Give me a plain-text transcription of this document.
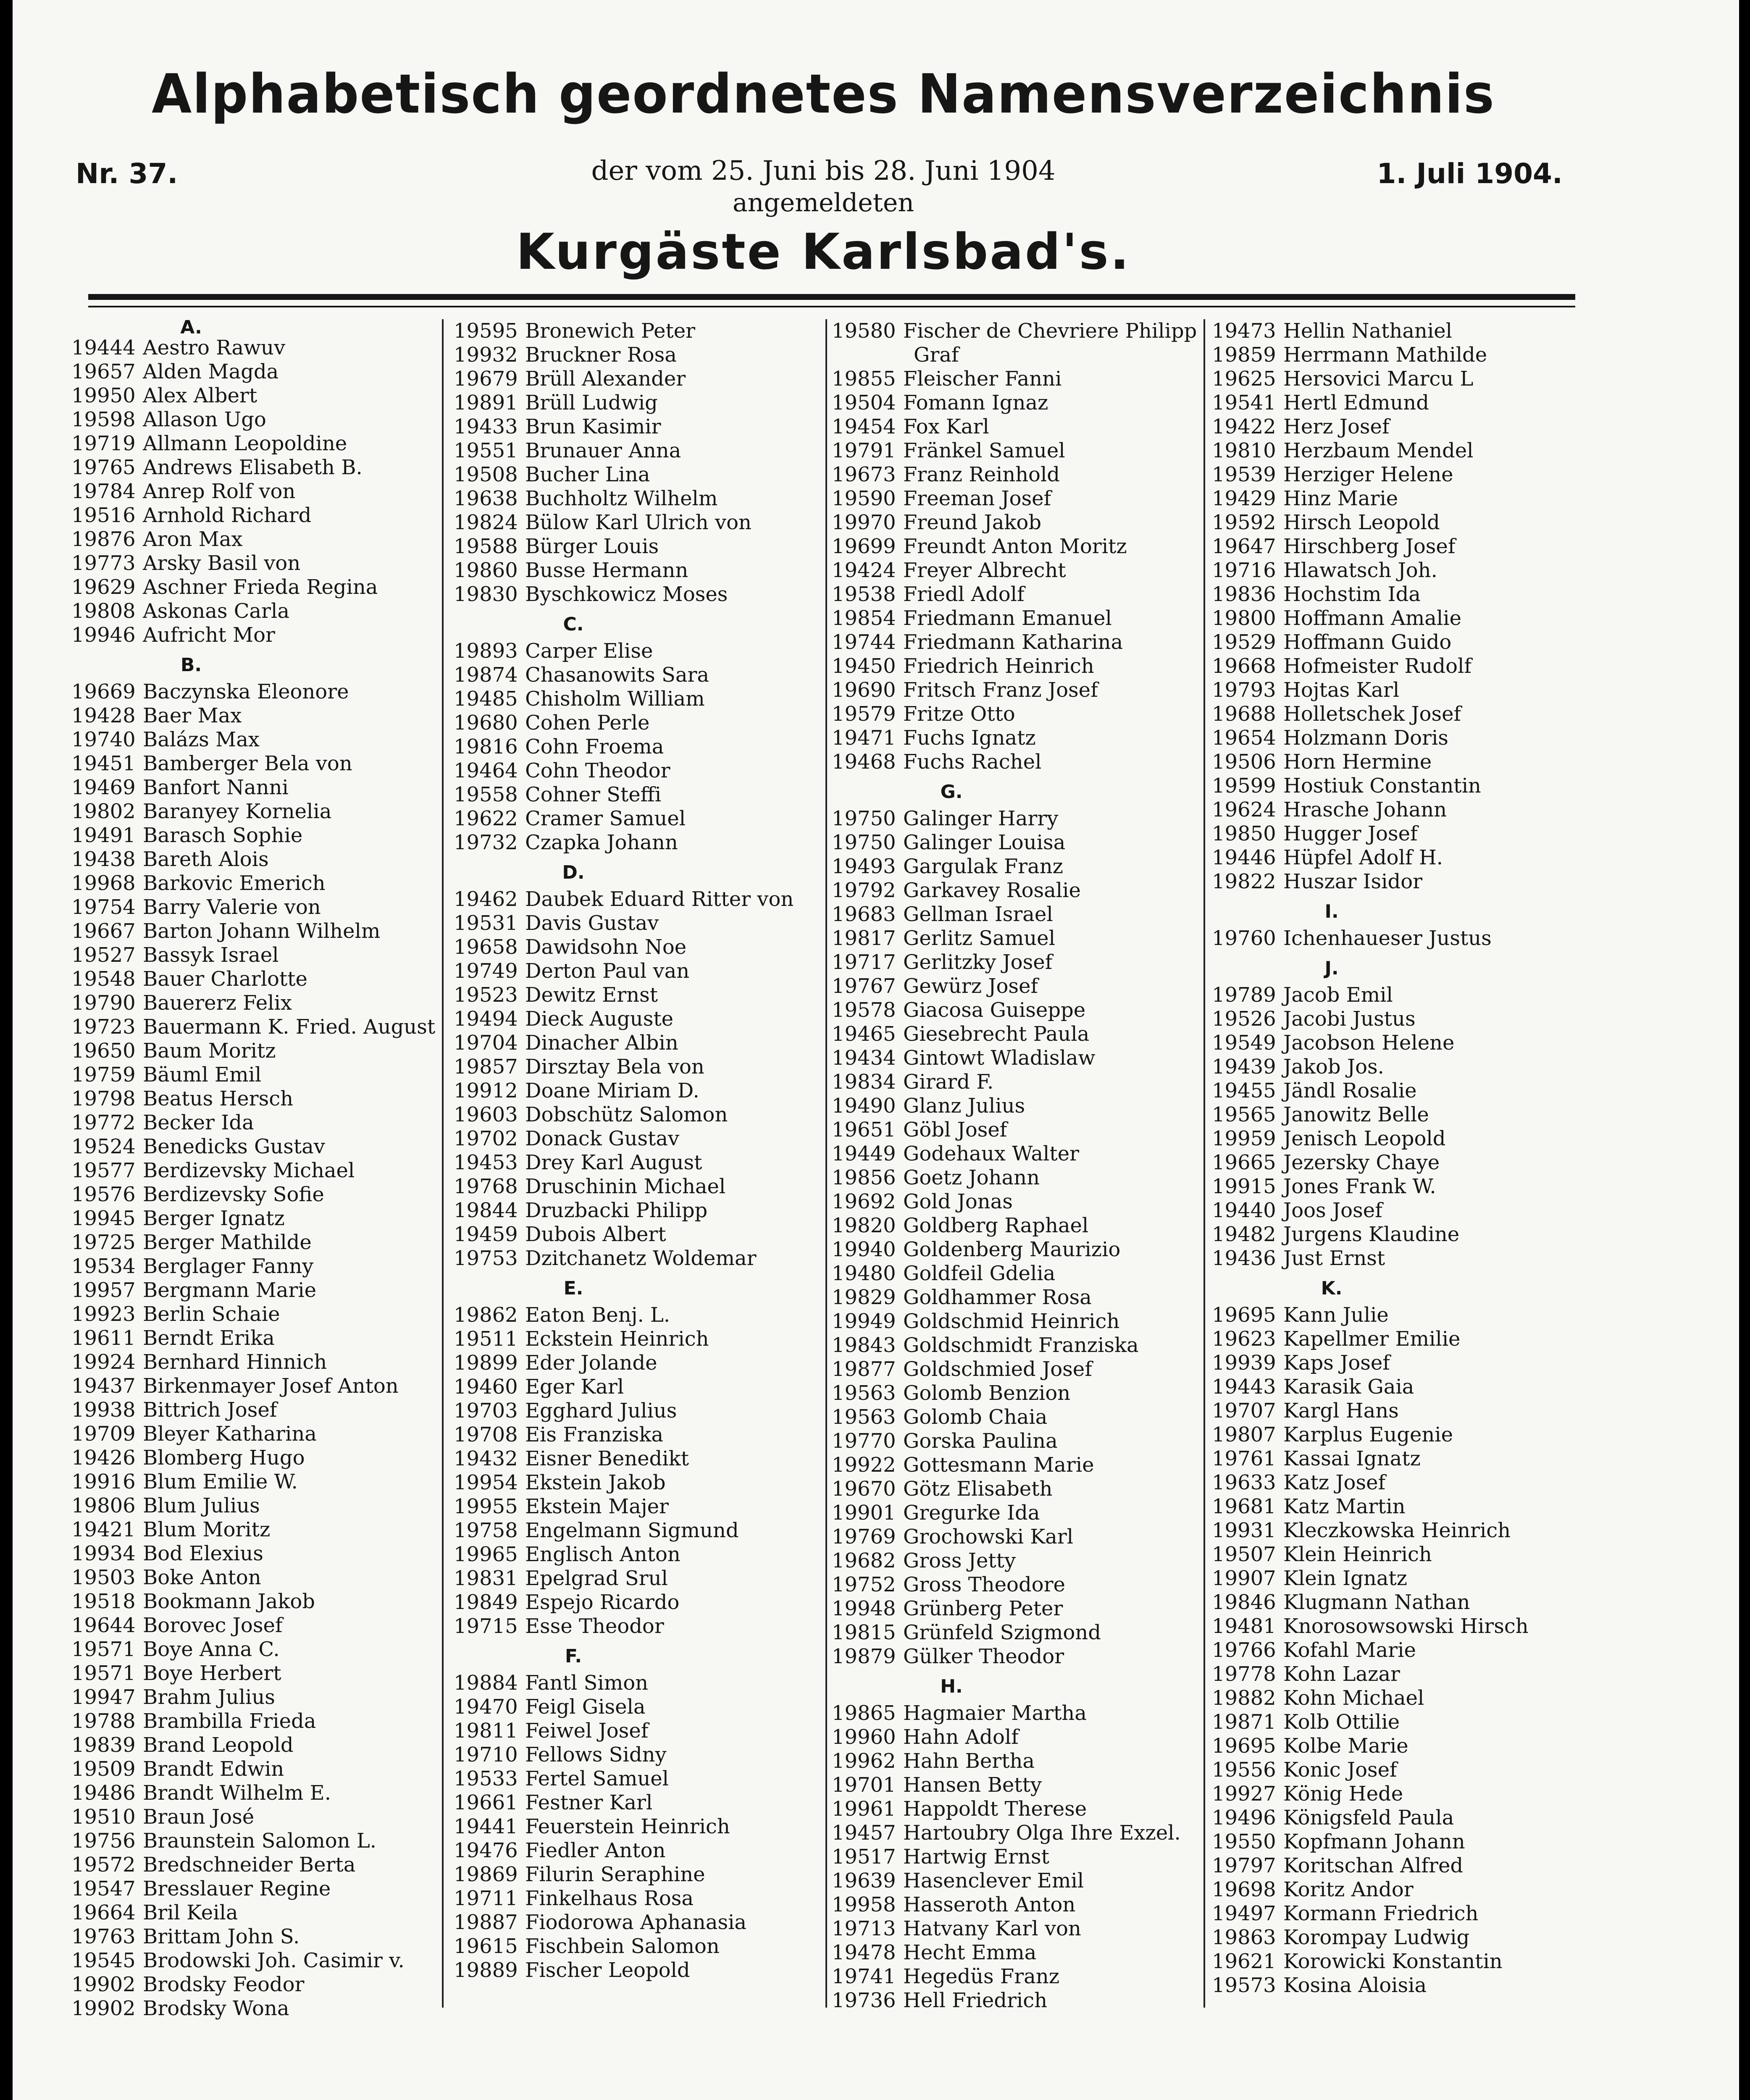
Alphabetisch geordnetes Namensverzeichnis
Nr. 37.	der vom 25. Juni bis 28. Juni 1904	1. Juli 1904.
angemeldeten
Kurgäste Karlsbad's.
A.
19444 Aestro Rawuv
19657 Alden Magda
19950 Alex Albert
19598 Allason Ugo
19719 Allmann Leopoldine
19765 Andrews Elisabeth B.
19784 Anrep Rolf von
19516 Arnhold Richard
19876 Aron Max
19773 Arsky Basil von
19629 Aschner Frieda Regina
19808 Askonas Carla
19946 Aufricht Mor
B.
19669 Baczynska Eleonore
19428 Baer Max
19740 Balázs Max
19451 Bamberger Bela von
19469 Banfort Nanni
19802 Baranyey Kornelia
19491 Barasch Sophie
19438 Bareth Alois
19968 Barkovic Emerich
19754 Barry Valerie von
19667 Barton Johann Wilhelm
19527 Bassyk Israel
19548 Bauer Charlotte
19790 Bauererz Felix
19723 Bauermann K. Fried. August
19650 Baum Moritz
19759 Bäuml Emil
19798 Beatus Hersch
19772 Becker Ida
19524 Benedicks Gustav
19577 Berdizevsky Michael
19576 Berdizevsky Sofie
19945 Berger Ignatz
19725 Berger Mathilde
19534 Berglager Fanny
19957 Bergmann Marie
19923 Berlin Schaie
19611 Berndt Erika
19924 Bernhard Hinnich
19437 Birkenmayer Josef Anton
19938 Bittrich Josef
19709 Bleyer Katharina
19426 Blomberg Hugo
19916 Blum Emilie W.
19806 Blum Julius
19421 Blum Moritz
19934 Bod Elexius
19503 Boke Anton
19518 Bookmann Jakob
19644 Borovec Josef
19571 Boye Anna C.
19571 Boye Herbert
19947 Brahm Julius
19788 Brambilla Frieda
19839 Brand Leopold
19509 Brandt Edwin
19486 Brandt Wilhelm E.
19510 Braun José
19756 Braunstein Salomon L.
19572 Bredschneider Berta
19547 Bresslauer Regine
19664 Bril Keila
19763 Brittam John S.
19545 Brodowski Joh. Casimir v.
19902 Brodsky Feodor
19902 Brodsky Wona
19595 Bronewich Peter
19932 Bruckner Rosa
19679 Brüll Alexander
19891 Brüll Ludwig
19433 Brun Kasimir
19551 Brunauer Anna
19508 Bucher Lina
19638 Buchholtz Wilhelm
19824 Bülow Karl Ulrich von
19588 Bürger Louis
19860 Busse Hermann
19830 Byschkowicz Moses
C.
19893 Carper Elise
19874 Chasanowits Sara
19485 Chisholm William
19680 Cohen Perle
19816 Cohn Froema
19464 Cohn Theodor
19558 Cohner Steffi
19622 Cramer Samuel
19732 Czapka Johann
D.
19462 Daubek Eduard Ritter von
19531 Davis Gustav
19658 Dawidsohn Noe
19749 Derton Paul van
19523 Dewitz Ernst
19494 Dieck Auguste
19704 Dinacher Albin
19857 Dirsztay Bela von
19912 Doane Miriam D.
19603 Dobschütz Salomon
19702 Donack Gustav
19453 Drey Karl August
19768 Druschinin Michael
19844 Druzbacki Philipp
19459 Dubois Albert
19753 Dzitchanetz Woldemar
E.
19862 Eaton Benj. L.
19511 Eckstein Heinrich
19899 Eder Jolande
19460 Eger Karl
19703 Egghard Julius
19708 Eis Franziska
19432 Eisner Benedikt
19954 Ekstein Jakob
19955 Ekstein Majer
19758 Engelmann Sigmund
19965 Englisch Anton
19831 Epelgrad Srul
19849 Espejo Ricardo
19715 Esse Theodor
F.
19884 Fantl Simon
19470 Feigl Gisela
19811 Feiwel Josef
19710 Fellows Sidny
19533 Fertel Samuel
19661 Festner Karl
19441 Feuerstein Heinrich
19476 Fiedler Anton
19869 Filurin Seraphine
19711 Finkelhaus Rosa
19887 Fiodorowa Aphanasia
19615 Fischbein Salomon
19889 Fischer Leopold
19580 Fischer de Chevriere Philipp
Graf
19855 Fleischer Fanni
19504 Fomann Ignaz
19454 Fox Karl
19791 Fränkel Samuel
19673 Franz Reinhold
19590 Freeman Josef
19970 Freund Jakob
19699 Freundt Anton Moritz
19424 Freyer Albrecht
19538 Friedl Adolf
19854 Friedmann Emanuel
19744 Friedmann Katharina
19450 Friedrich Heinrich
19690 Fritsch Franz Josef
19579 Fritze Otto
19471 Fuchs Ignatz
19468 Fuchs Rachel
G.
19750 Galinger Harry
19750 Galinger Louisa
19493 Gargulak Franz
19792 Garkavey Rosalie
19683 Gellman Israel
19817 Gerlitz Samuel
19717 Gerlitzky Josef
19767 Gewürz Josef
19578 Giacosa Guiseppe
19465 Giesebrecht Paula
19434 Gintowt Wladislaw
19834 Girard F.
19490 Glanz Julius
19651 Göbl Josef
19449 Godehaux Walter
19856 Goetz Johann
19692 Gold Jonas
19820 Goldberg Raphael
19940 Goldenberg Maurizio
19480 Goldfeil Gdelia
19829 Goldhammer Rosa
19949 Goldschmid Heinrich
19843 Goldschmidt Franziska
19877 Goldschmied Josef
19563 Golomb Benzion
19563 Golomb Chaia
19770 Gorska Paulina
19922 Gottesmann Marie
19670 Götz Elisabeth
19901 Gregurke Ida
19769 Grochowski Karl
19682 Gross Jetty
19752 Gross Theodore
19948 Grünberg Peter
19815 Grünfeld Szigmond
19879 Gülker Theodor
H.
19865 Hagmaier Martha
19960 Hahn Adolf
19962 Hahn Bertha
19701 Hansen Betty
19961 Happoldt Therese
19457 Hartoubry Olga Ihre Exzel.
19517 Hartwig Ernst
19639 Hasenclever Emil
19958 Hasseroth Anton
19713 Hatvany Karl von
19478 Hecht Emma
19741 Hegedüs Franz
19736 Hell Friedrich
19473 Hellin Nathaniel
19859 Herrmann Mathilde
19625 Hersovici Marcu L
19541 Hertl Edmund
19422 Herz Josef
19810 Herzbaum Mendel
19539 Herziger Helene
19429 Hinz Marie
19592 Hirsch Leopold
19647 Hirschberg Josef
19716 Hlawatsch Joh.
19836 Hochstim Ida
19800 Hoffmann Amalie
19529 Hoffmann Guido
19668 Hofmeister Rudolf
19793 Hojtas Karl
19688 Holletschek Josef
19654 Holzmann Doris
19506 Horn Hermine
19599 Hostiuk Constantin
19624 Hrasche Johann
19850 Hugger Josef
19446 Hüpfel Adolf H.
19822 Huszar Isidor
I.
19760 Ichenhaueser Justus
J.
19789 Jacob Emil
19526 Jacobi Justus
19549 Jacobson Helene
19439 Jakob Jos.
19455 Jändl Rosalie
19565 Janowitz Belle
19959 Jenisch Leopold
19665 Jezersky Chaye
19915 Jones Frank W.
19440 Joos Josef
19482 Jurgens Klaudine
19436 Just Ernst
K.
19695 Kann Julie
19623 Kapellmer Emilie
19939 Kaps Josef
19443 Karasik Gaia
19707 Kargl Hans
19807 Karplus Eugenie
19761 Kassai Ignatz
19633 Katz Josef
19681 Katz Martin
19931 Kleczkowska Heinrich
19507 Klein Heinrich
19907 Klein Ignatz
19846 Klugmann Nathan
19481 Knorosowsowski Hirsch
19766 Kofahl Marie
19778 Kohn Lazar
19882 Kohn Michael
19871 Kolb Ottilie
19695 Kolbe Marie
19556 Konic Josef
19927 König Hede
19496 Königsfeld Paula
19550 Kopfmann Johann
19797 Koritschan Alfred
19698 Koritz Andor
19497 Kormann Friedrich
19863 Korompay Ludwig
19621 Korowicki Konstantin
19573 Kosina Aloisia
